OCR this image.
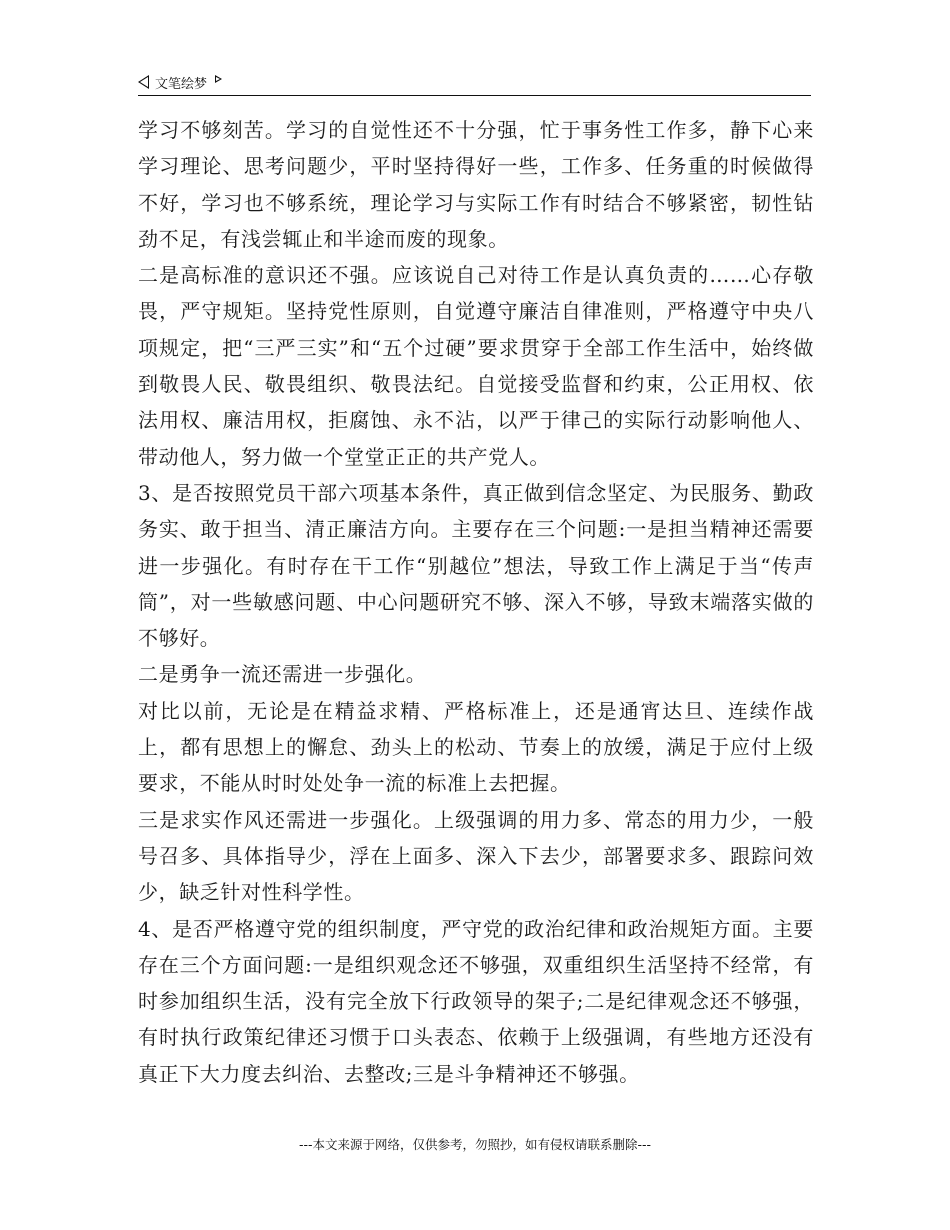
文笔绘梦

学习不够刻苦。学习的自觉性还不十分强，忙于事务性工作多，静下心来学习理论、思考问题少，平时坚持得好一些，工作多、任务重的时候做得不好，学习也不够系统，理论学习与实际工作有时结合不够紧密，韧性钻劲不足，有浅尝辄止和半途而废的现象。

二是高标准的意识还不强。应该说自己对待工作是认真负责的……心存敬畏，严守规矩。坚持党性原则，自觉遵守廉洁自律准则，严格遵守中央八项规定，把“三严三实”和“五个过硬”要求贯穿于全部工作生活中，始终做到敬畏人民、敬畏组织、敬畏法纪。自觉接受监督和约束，公正用权、依法用权、廉洁用权，拒腐蚀、永不沾，以严于律己的实际行动影响他人、带动他人，努力做一个堂堂正正的共产党人。

3、是否按照党员干部六项基本条件，真正做到信念坚定、为民服务、勤政务实、敢于担当、清正廉洁方向。主要存在三个问题:一是担当精神还需要进一步强化。有时存在干工作“别越位”想法，导致工作上满足于当“传声筒”，对一些敏感问题、中心问题研究不够、深入不够，导致末端落实做的不够好。

二是勇争一流还需进一步强化。

对比以前，无论是在精益求精、严格标准上，还是通宵达旦、连续作战上，都有思想上的懈怠、劲头上的松动、节奏上的放缓，满足于应付上级要求，不能从时时处处争一流的标准上去把握。

三是求实作风还需进一步强化。上级强调的用力多、常态的用力少，一般号召多、具体指导少，浮在上面多、深入下去少，部署要求多、跟踪问效少，缺乏针对性科学性。

4、是否严格遵守党的组织制度，严守党的政治纪律和政治规矩方面。主要存在三个方面问题:一是组织观念还不够强，双重组织生活坚持不经常，有时参加组织生活，没有完全放下行政领导的架子;二是纪律观念还不够强，有时执行政策纪律还习惯于口头表态、依赖于上级强调，有些地方还没有真正下大力度去纠治、去整改;三是斗争精神还不够强。

---本文来源于网络，仅供参考，勿照抄，如有侵权请联系删除---
